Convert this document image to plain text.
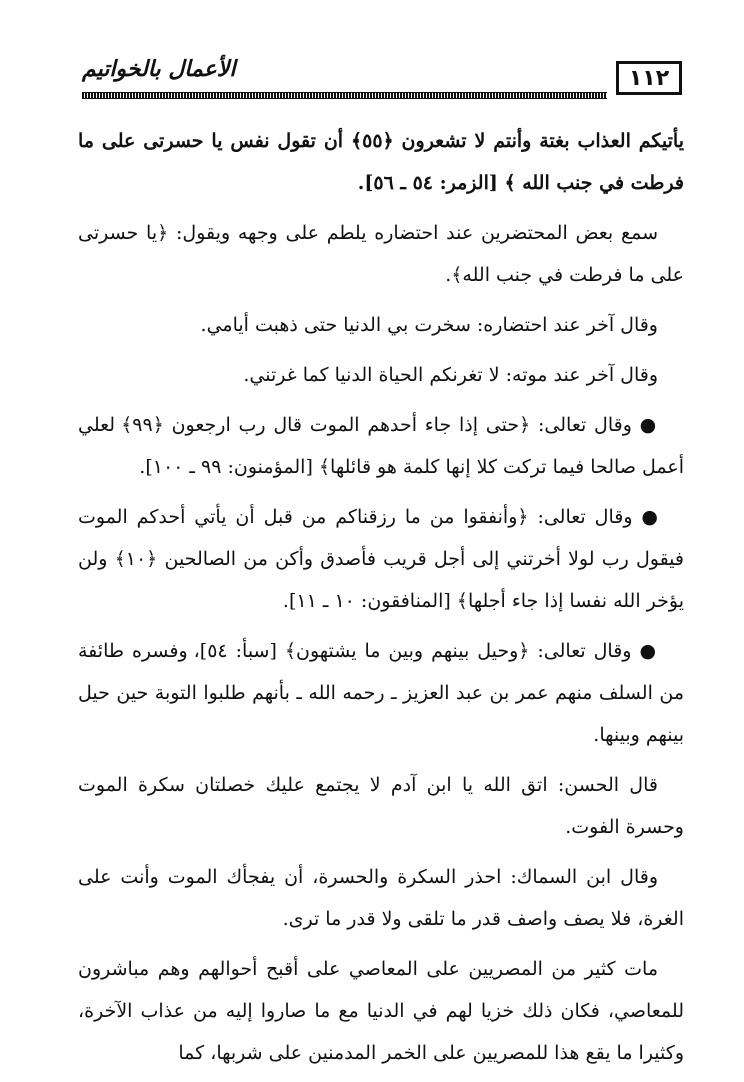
١١٢
الأعمال بالخواتيم

يأتيكم العذاب بغتة وأنتم لا تشعرون ﴿٥٥﴾ أن تقول نفس يا حسرتى على ما فرطت في جنب الله ﴾ [الزمر: ٥٤ ـ ٥٦].

سمع بعض المحتضرين عند احتضاره يلطم على وجهه ويقول: ﴿يا حسرتى على ما فرطت في جنب الله﴾.

وقال آخر عند احتضاره: سخرت بي الدنيا حتى ذهبت أيامي.

وقال آخر عند موته: لا تغرنكم الحياة الدنيا كما غرتني.

● وقال تعالى: ﴿حتى إذا جاء أحدهم الموت قال رب ارجعون ﴿٩٩﴾ لعلي أعمل صالحا فيما تركت كلا إنها كلمة هو قائلها﴾ [المؤمنون: ٩٩ ـ ١٠٠].

● وقال تعالى: ﴿وأنفقوا من ما رزقناكم من قبل أن يأتي أحدكم الموت فيقول رب لولا أخرتني إلى أجل قريب فأصدق وأكن من الصالحين ﴿١٠﴾ ولن يؤخر الله نفسا إذا جاء أجلها﴾ [المنافقون: ١٠ ـ ١١].

● وقال تعالى: ﴿وحيل بينهم وبين ما يشتهون﴾ [سبأ: ٥٤]، وفسره طائفة من السلف منهم عمر بن عبد العزيز ـ رحمه الله ـ بأنهم طلبوا التوبة حين حيل بينهم وبينها.

قال الحسن: اتق الله يا ابن آدم لا يجتمع عليك خصلتان سكرة الموت وحسرة الفوت.

وقال ابن السماك: احذر السكرة والحسرة، أن يفجأك الموت وأنت على الغرة، فلا يصف واصف قدر ما تلقى ولا قدر ما ترى.

مات كثير من المصريين على المعاصي على أقبح أحوالهم وهم مباشرون للمعاصي، فكان ذلك خزيا لهم في الدنيا مع ما صاروا إليه من عذاب الآخرة، وكثيرا ما يقع هذا للمصريين على الخمر المدمنين على شربها، كما
